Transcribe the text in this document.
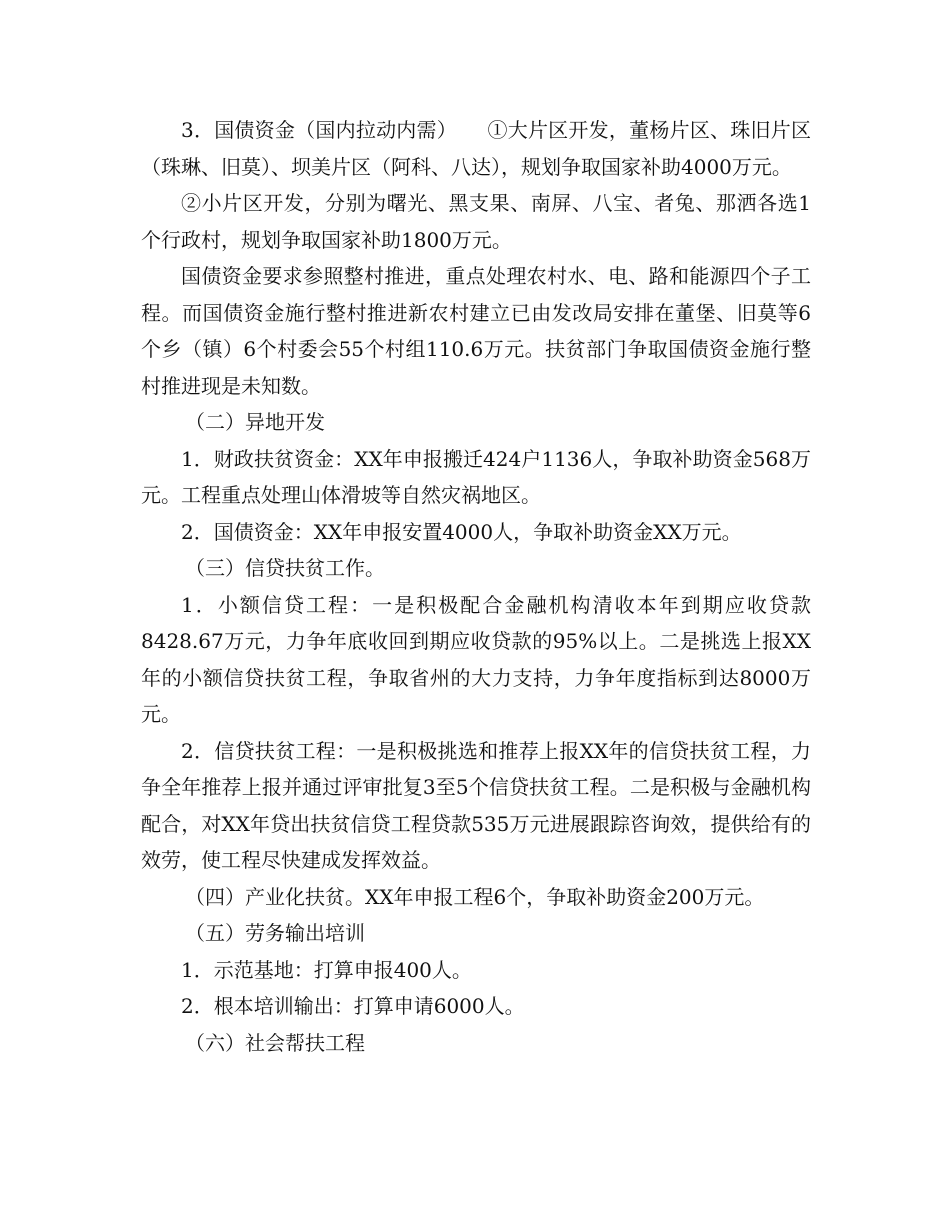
3．国债资金（国内拉动内需）　　①大片区开发，董杨片区、珠旧片区（珠琳、旧莫）、坝美片区（阿科、八达），规划争取国家补助4000万元。

②小片区开发，分别为曙光、黑支果、南屏、八宝、者兔、那洒各选1个行政村，规划争取国家补助1800万元。

国债资金要求参照整村推进，重点处理农村水、电、路和能源四个子工程。而国债资金施行整村推进新农村建立已由发改局安排在董堡、旧莫等6个乡（镇）6个村委会55个村组110.6万元。扶贫部门争取国债资金施行整村推进现是未知数。

（二）异地开发

1．财政扶贫资金：XX年申报搬迁424户1136人，争取补助资金568万元。工程重点处理山体滑坡等自然灾祸地区。

2．国债资金：XX年申报安置4000人，争取补助资金XX万元。

（三）信贷扶贫工作。

1．小额信贷工程：一是积极配合金融机构清收本年到期应收贷款8428.67万元，力争年底收回到期应收贷款的95%以上。二是挑选上报XX年的小额信贷扶贫工程，争取省州的大力支持，力争年度指标到达8000万元。

2．信贷扶贫工程：一是积极挑选和推荐上报XX年的信贷扶贫工程，力争全年推荐上报并通过评审批复3至5个信贷扶贫工程。二是积极与金融机构配合，对XX年贷出扶贫信贷工程贷款535万元进展跟踪咨询效，提供给有的效劳，使工程尽快建成发挥效益。

（四）产业化扶贫。XX年申报工程6个，争取补助资金200万元。

（五）劳务输出培训

1．示范基地：打算申报400人。

2．根本培训输出：打算申请6000人。

（六）社会帮扶工程
